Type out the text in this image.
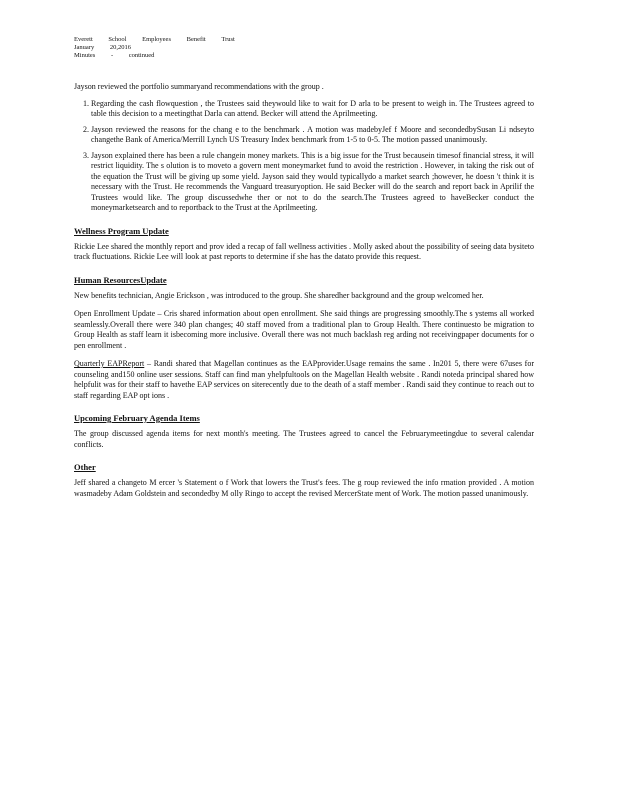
Everett School Employees Benefit Trust
January 20,2016
Minutes - continued

Jayson reviewed the portfolio summaryand recommendations with the group .

1. Regarding the cash flowquestion , the Trustees said theywould like to wait for D arla to be present to weigh in. The Trustees agreed to table this decision to a meetingthat Darla can attend. Becker will attend the Aprilmeeting.
2. Jayson reviewed the reasons for the chang e to the benchmark . A motion was madebyJef f Moore and secondedbySusan Li ndseyto changethe Bank of America/Merrill Lynch US Treasury Index benchmark from 1-5 to 0-5. The motion passed unanimously.
3. Jayson explained there has been a rule changein money markets. This is a big issue for the Trust becausein timesof financial stress, it will restrict liquidity. The s olution is to moveto a govern ment moneymarket fund to avoid the restriction . However, in taking the risk out of the equation the Trust will be giving up some yield. Jayson said they would typicallydo a market search ;however, he doesn 't think it is necessary with the Trust. He recommends the Vanguard treasuryoption. He said Becker will do the search and report back in Aprilif the Trustees would like. The group discussedwhe ther or not to do the search.The Trustees agreed to haveBecker conduct the moneymarketsearch and to reportback to the Trust at the Aprilmeeting.
Wellness Program Update

Rickie Lee shared the monthly report and prov ided a recap of fall wellness activities . Molly asked about the possibility of seeing data bysiteto track fluctuations. Rickie Lee will look at past reports to determine if she has the datato provide this request.

Human ResourcesUpdate

New benefits technician, Angie Erickson , was introduced to the group. She sharedher background and the group welcomed her.

Open Enrollment Update – Cris shared information about open enrollment. She said things are progressing smoothly.The s ystems all worked seamlessly.Overall there were 340 plan changes; 40 staff moved from a traditional plan to Group Health. There continuesto be migration to Group Health as staff learn it isbecoming more inclusive. Overall there was not much backlash reg arding not receivingpaper documents for o pen enrollment .

Quarterly EAPReport – Randi shared that Magellan continues as the EAPprovider.Usage remains the same . In201 5, there were 67uses for counseling and150 online user sessions. Staff can find man yhelpfultools on the Magellan Health website . Randi noteda principal shared how helpfulit was for their staff to havethe EAP services on siterecently due to the death of a staff member . Randi said they continue to reach out to staff regarding EAP opt ions .

Upcoming February Agenda Items

The group discussed agenda items for next month's meeting. The Trustees agreed to cancel the Februarymeetingdue to several calendar conflicts.

Other

Jeff shared a changeto M ercer 's Statement o f Work that lowers the Trust's fees. The g roup reviewed the info rmation provided . A motion wasmadeby Adam Goldstein and secondedby M olly Ringo to accept the revised MercerState ment of Work. The motion passed unanimously.
